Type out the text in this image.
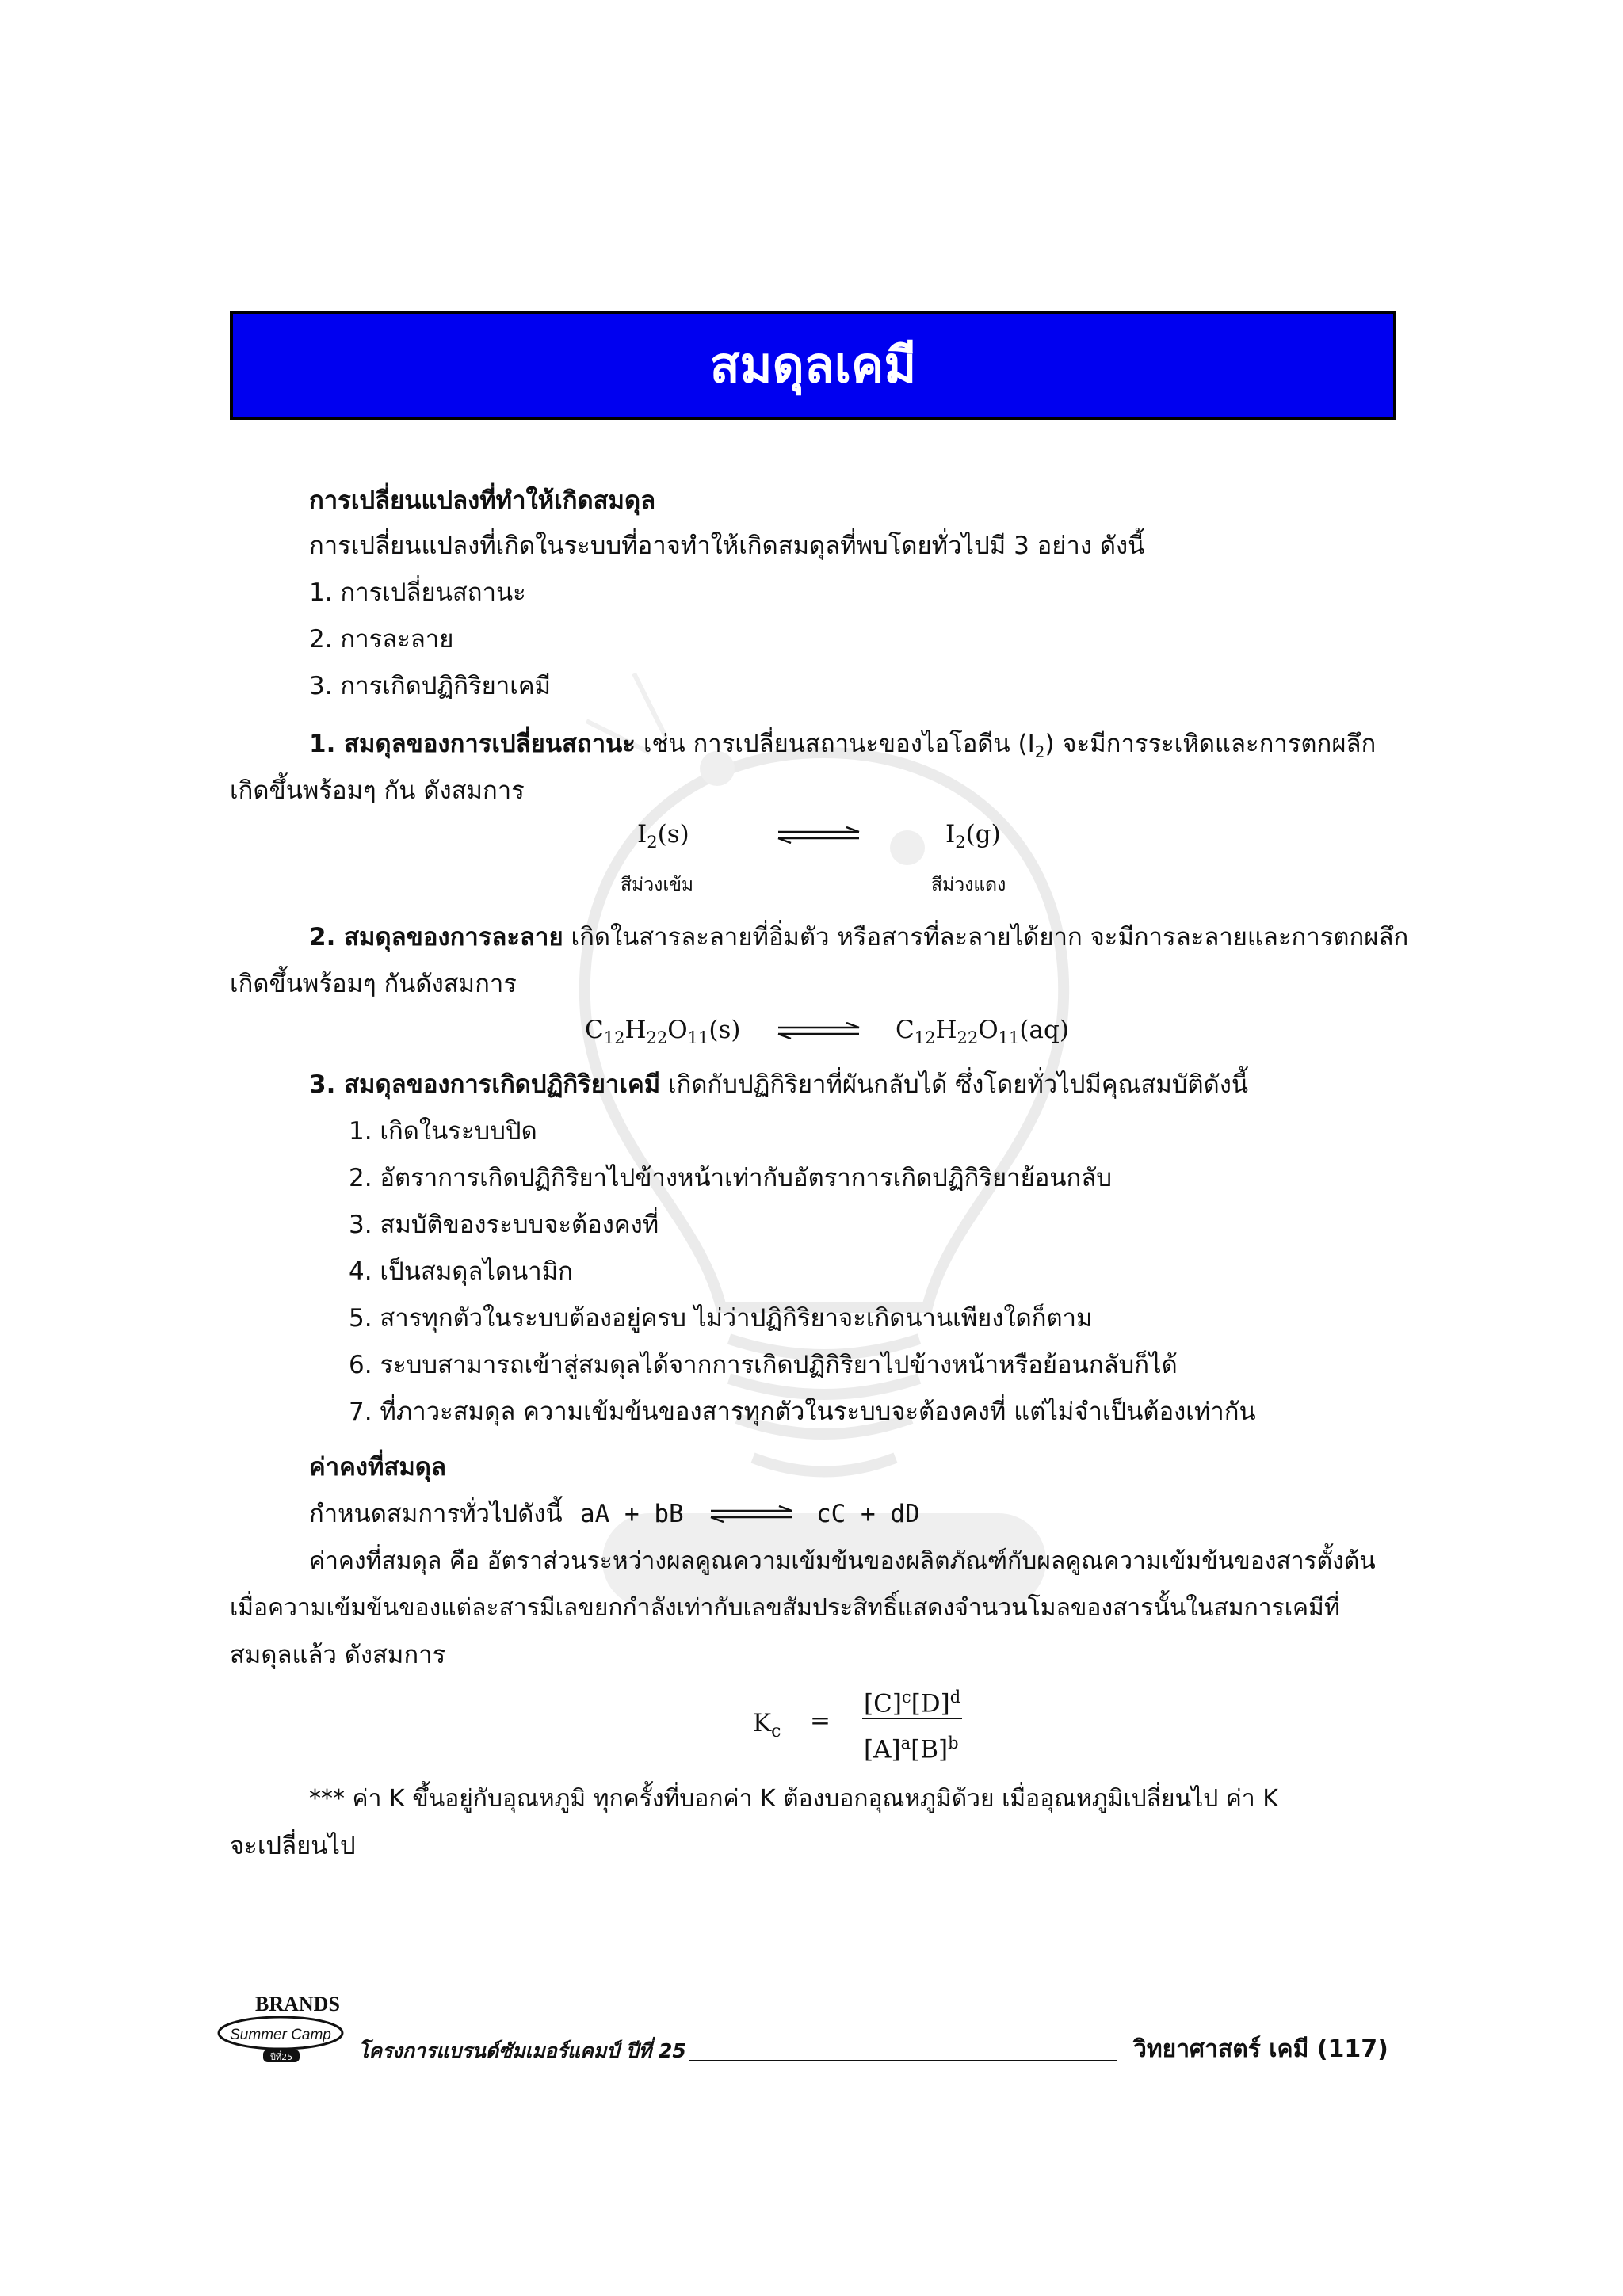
สมดุลเคมี
การเปลี่ยนแปลงที่ทำให้เกิดสมดุล
การเปลี่ยนแปลงที่เกิดในระบบที่อาจทำให้เกิดสมดุลที่พบโดยทั่วไปมี 3 อย่าง ดังนี้
1. การเปลี่ยนสถานะ
2. การละลาย
3. การเกิดปฏิกิริยาเคมี
1. สมดุลของการเปลี่ยนสถานะ เช่น การเปลี่ยนสถานะของไอโอดีน $(I_2)$ จะมีการระเหิดและการตกผลึก
เกิดขึ้นพร้อมๆ กัน ดังสมการ
$I_2(s)$	$I_2(g)$
สีม่วงเข้ม	สีม่วงแดง
2. สมดุลของการละลาย เกิดในสารละลายที่อิ่มตัว หรือสารที่ละลายได้ยาก จะมีการละลายและการตกผลึก
เกิดขึ้นพร้อมๆ กันดังสมการ
$C_{12}H_{22}O_{11}(s)$	$C_{12}H_{22}O_{11}(aq)$
3. สมดุลของการเกิดปฏิกิริยาเคมี เกิดกับปฏิกิริยาที่ผันกลับได้ ซึ่งโดยทั่วไปมีคุณสมบัติดังนี้
1. เกิดในระบบปิด
2. อัตราการเกิดปฏิกิริยาไปข้างหน้าเท่ากับอัตราการเกิดปฏิกิริยาย้อนกลับ
3. สมบัติของระบบจะต้องคงที่
4. เป็นสมดุลไดนามิก
5. สารทุกตัวในระบบต้องอยู่ครบ ไม่ว่าปฏิกิริยาจะเกิดนานเพียงใดก็ตาม
6. ระบบสามารถเข้าสู่สมดุลได้จากการเกิดปฏิกิริยาไปข้างหน้าหรือย้อนกลับก็ได้
7. ที่ภาวะสมดุล ความเข้มข้นของสารทุกตัวในระบบจะต้องคงที่ แต่ไม่จำเป็นต้องเท่ากัน
ค่าคงที่สมดุล
กำหนดสมการทั่วไปดังนี้ aA + bB	cC + dD
ค่าคงที่สมดุล คือ อัตราส่วนระหว่างผลคูณความเข้มข้นของผลิตภัณฑ์กับผลคูณความเข้มข้นของสารตั้งต้น
เมื่อความเข้มข้นของแต่ละสารมีเลขยกกำลังเท่ากับเลขสัมประสิทธิ์แสดงจำนวนโมลของสารนั้นในสมการเคมีที่
สมดุลแล้ว ดังสมการ
$K_c$ =
$[C]^c[D]^d$
$[A]^a[B]^b$
*** ค่า K ขึ้นอยู่กับอุณหภูมิ ทุกครั้งที่บอกค่า K ต้องบอกอุณหภูมิด้วย เมื่ออุณหภูมิเปลี่ยนไป ค่า K
จะเปลี่ยนไป
BRANDS
Summer Camp
ปีที่25	โครงการแบรนด์ซัมเมอร์แคมป์ ปีที่ 25	วิทยาศาสตร์ เคมี (117)
